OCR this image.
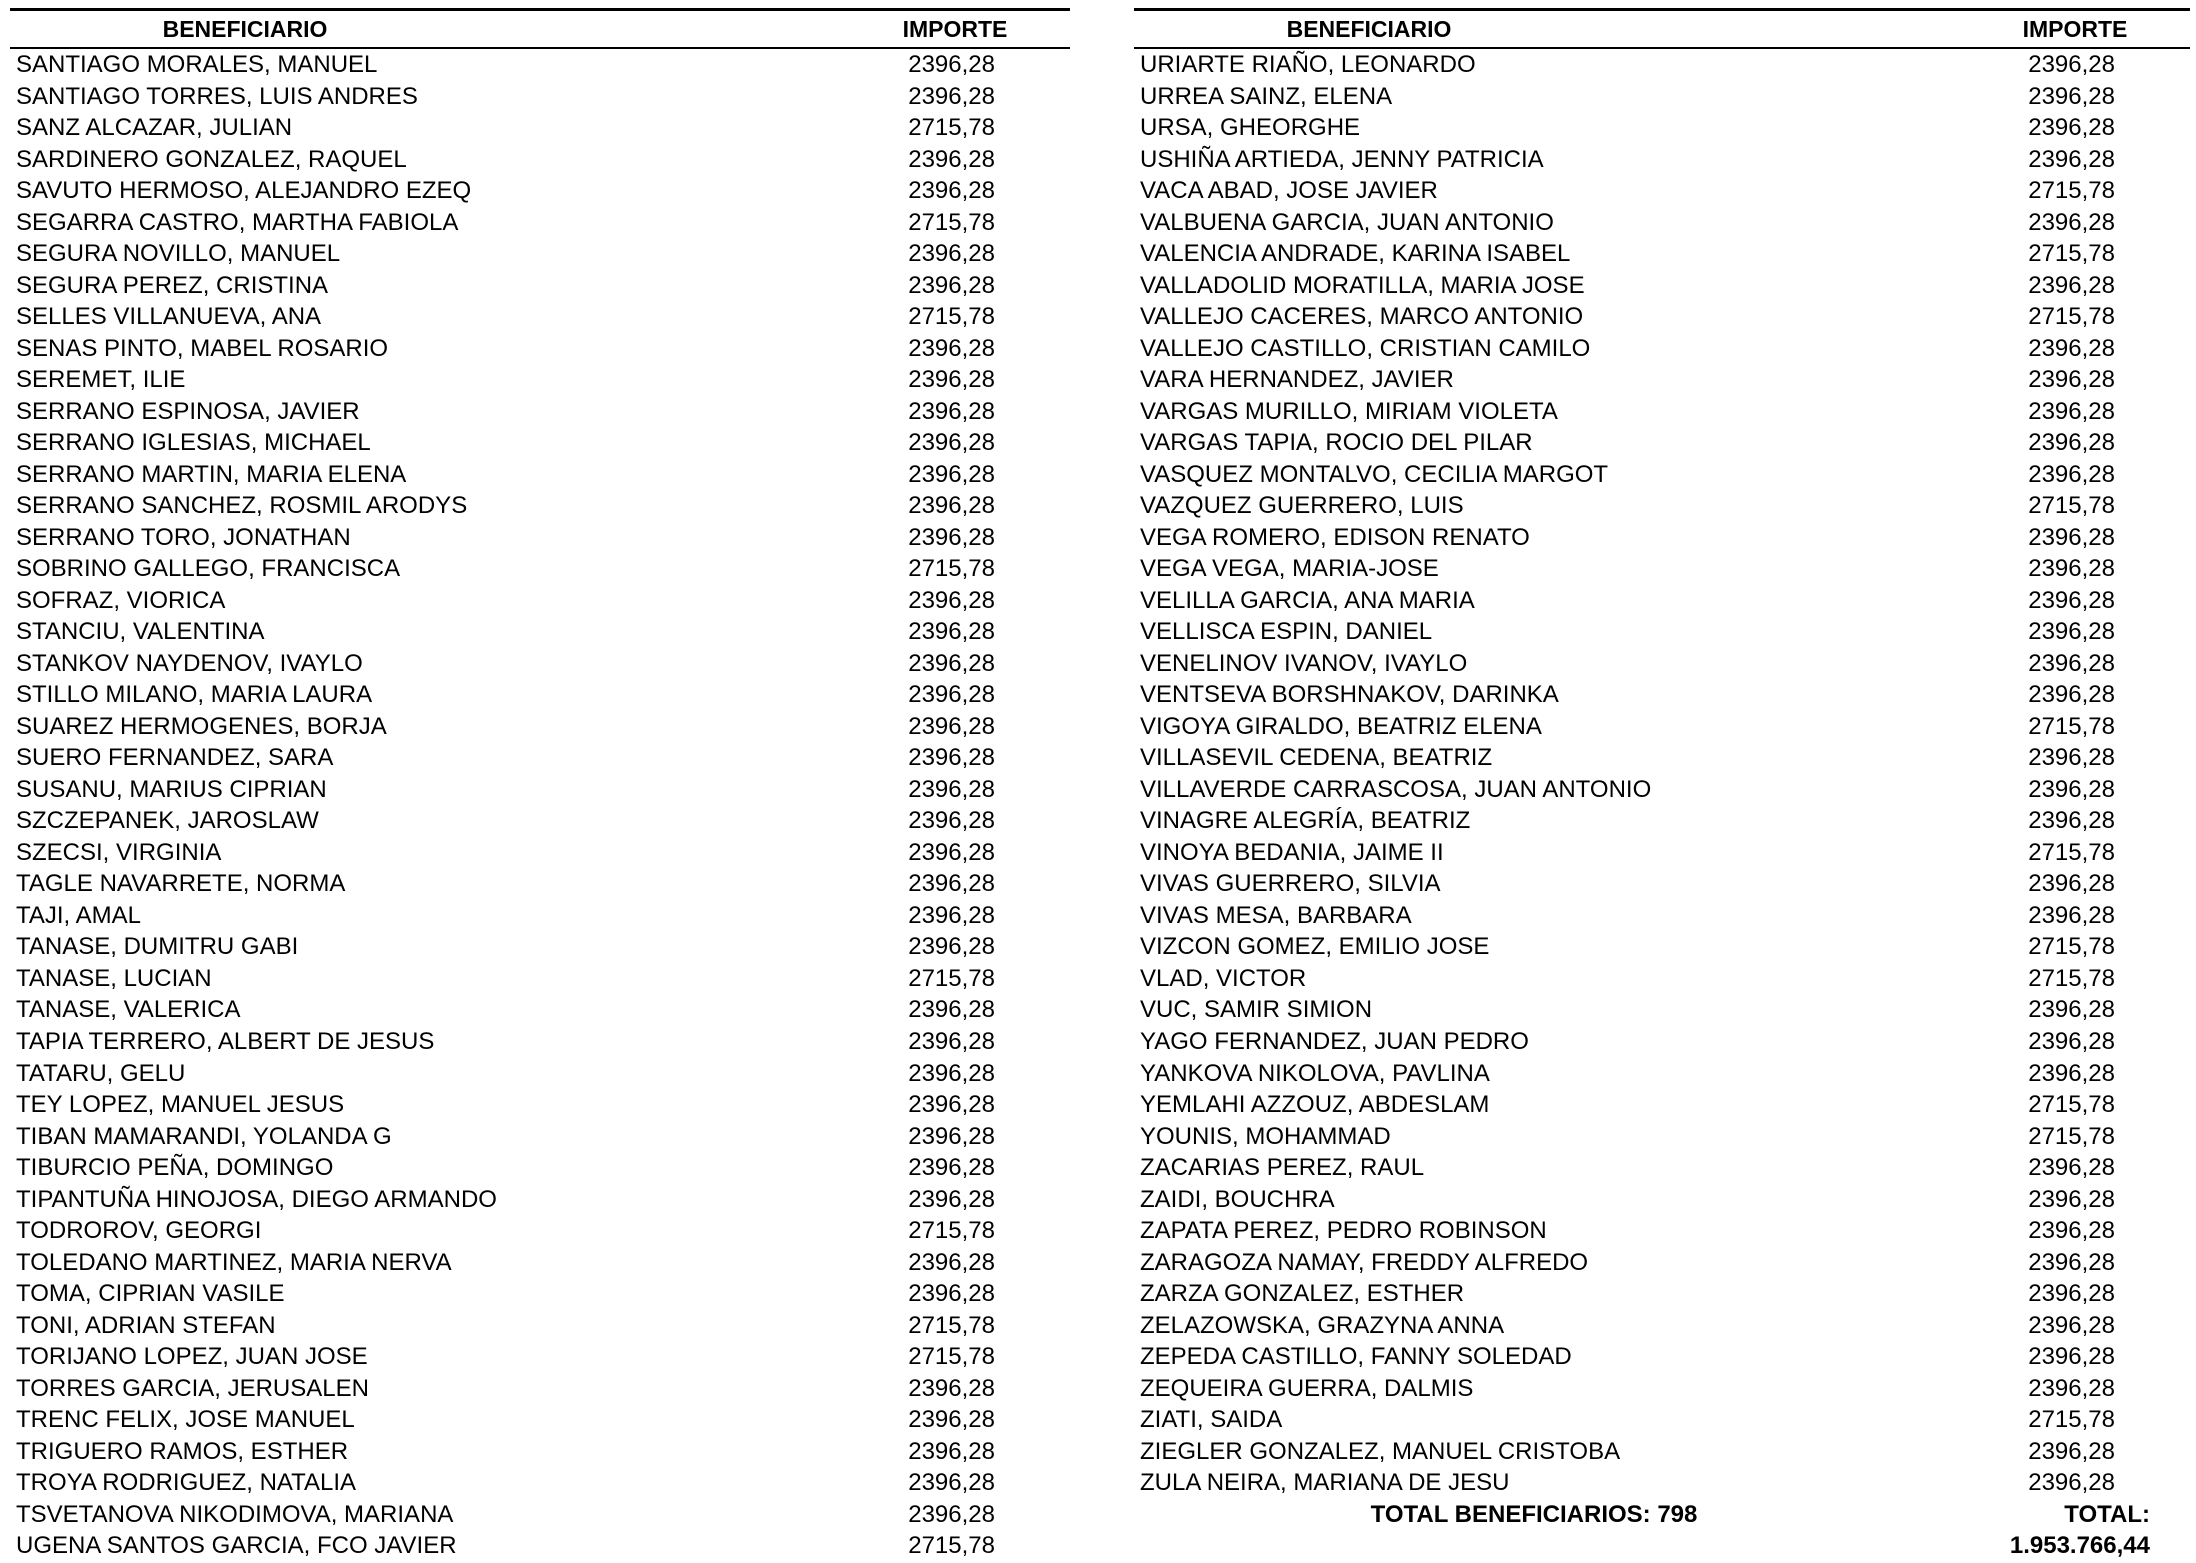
BENEFICIARIO	IMPORTE
SANTIAGO MORALES, MANUEL	2396,28
SANTIAGO TORRES, LUIS ANDRES	2396,28
SANZ ALCAZAR, JULIAN	2715,78
SARDINERO GONZALEZ, RAQUEL	2396,28
SAVUTO HERMOSO, ALEJANDRO EZEQ	2396,28
SEGARRA CASTRO, MARTHA FABIOLA	2715,78
SEGURA NOVILLO, MANUEL	2396,28
SEGURA PEREZ, CRISTINA	2396,28
SELLES VILLANUEVA, ANA	2715,78
SENAS PINTO, MABEL ROSARIO	2396,28
SEREMET, ILIE	2396,28
SERRANO ESPINOSA, JAVIER	2396,28
SERRANO IGLESIAS, MICHAEL	2396,28
SERRANO MARTIN, MARIA ELENA	2396,28
SERRANO SANCHEZ, ROSMIL ARODYS	2396,28
SERRANO TORO, JONATHAN	2396,28
SOBRINO GALLEGO, FRANCISCA	2715,78
SOFRAZ, VIORICA	2396,28
STANCIU, VALENTINA	2396,28
STANKOV NAYDENOV, IVAYLO	2396,28
STILLO MILANO, MARIA LAURA	2396,28
SUAREZ HERMOGENES, BORJA	2396,28
SUERO FERNANDEZ, SARA	2396,28
SUSANU, MARIUS CIPRIAN	2396,28
SZCZEPANEK, JAROSLAW	2396,28
SZECSI, VIRGINIA	2396,28
TAGLE NAVARRETE, NORMA	2396,28
TAJI, AMAL	2396,28
TANASE, DUMITRU GABI	2396,28
TANASE, LUCIAN	2715,78
TANASE, VALERICA	2396,28
TAPIA TERRERO, ALBERT DE JESUS	2396,28
TATARU, GELU	2396,28
TEY LOPEZ, MANUEL JESUS	2396,28
TIBAN MAMARANDI, YOLANDA G	2396,28
TIBURCIO PEÑA, DOMINGO	2396,28
TIPANTUÑA HINOJOSA, DIEGO ARMANDO	2396,28
TODROROV, GEORGI	2715,78
TOLEDANO MARTINEZ, MARIA NERVA	2396,28
TOMA, CIPRIAN VASILE	2396,28
TONI, ADRIAN STEFAN	2715,78
TORIJANO LOPEZ, JUAN JOSE	2715,78
TORRES GARCIA, JERUSALEN	2396,28
TRENC FELIX, JOSE MANUEL	2396,28
TRIGUERO RAMOS, ESTHER	2396,28
TROYA RODRIGUEZ, NATALIA	2396,28
TSVETANOVA NIKODIMOVA, MARIANA	2396,28
UGENA SANTOS GARCIA, FCO JAVIER	2715,78
BENEFICIARIO	IMPORTE
URIARTE RIAÑO, LEONARDO	2396,28
URREA SAINZ, ELENA	2396,28
URSA, GHEORGHE	2396,28
USHIÑA ARTIEDA, JENNY PATRICIA	2396,28
VACA ABAD, JOSE JAVIER	2715,78
VALBUENA GARCIA, JUAN ANTONIO	2396,28
VALENCIA ANDRADE, KARINA ISABEL	2715,78
VALLADOLID MORATILLA, MARIA JOSE	2396,28
VALLEJO CACERES, MARCO ANTONIO	2715,78
VALLEJO CASTILLO, CRISTIAN CAMILO	2396,28
VARA HERNANDEZ, JAVIER	2396,28
VARGAS MURILLO, MIRIAM VIOLETA	2396,28
VARGAS TAPIA, ROCIO DEL PILAR	2396,28
VASQUEZ MONTALVO, CECILIA MARGOT	2396,28
VAZQUEZ GUERRERO, LUIS	2715,78
VEGA ROMERO, EDISON RENATO	2396,28
VEGA VEGA, MARIA-JOSE	2396,28
VELILLA GARCIA, ANA MARIA	2396,28
VELLISCA ESPIN, DANIEL	2396,28
VENELINOV IVANOV, IVAYLO	2396,28
VENTSEVA BORSHNAKOV, DARINKA	2396,28
VIGOYA GIRALDO, BEATRIZ ELENA	2715,78
VILLASEVIL CEDENA, BEATRIZ	2396,28
VILLAVERDE CARRASCOSA, JUAN ANTONIO	2396,28
VINAGRE ALEGRÍA, BEATRIZ	2396,28
VINOYA BEDANIA, JAIME II	2715,78
VIVAS GUERRERO, SILVIA	2396,28
VIVAS MESA, BARBARA	2396,28
VIZCON GOMEZ, EMILIO JOSE	2715,78
VLAD, VICTOR	2715,78
VUC, SAMIR SIMION	2396,28
YAGO FERNANDEZ, JUAN PEDRO	2396,28
YANKOVA NIKOLOVA, PAVLINA	2396,28
YEMLAHI AZZOUZ, ABDESLAM	2715,78
YOUNIS, MOHAMMAD	2715,78
ZACARIAS PEREZ, RAUL	2396,28
ZAIDI, BOUCHRA	2396,28
ZAPATA PEREZ, PEDRO ROBINSON	2396,28
ZARAGOZA NAMAY, FREDDY ALFREDO	2396,28
ZARZA GONZALEZ, ESTHER	2396,28
ZELAZOWSKA, GRAZYNA ANNA	2396,28
ZEPEDA CASTILLO, FANNY SOLEDAD	2396,28
ZEQUEIRA GUERRA, DALMIS	2396,28
ZIATI, SAIDA	2715,78
ZIEGLER GONZALEZ, MANUEL CRISTOBA	2396,28
ZULA NEIRA, MARIANA DE JESU	2396,28
TOTAL BENEFICIARIOS: 798	TOTAL:
1.953.766,44
